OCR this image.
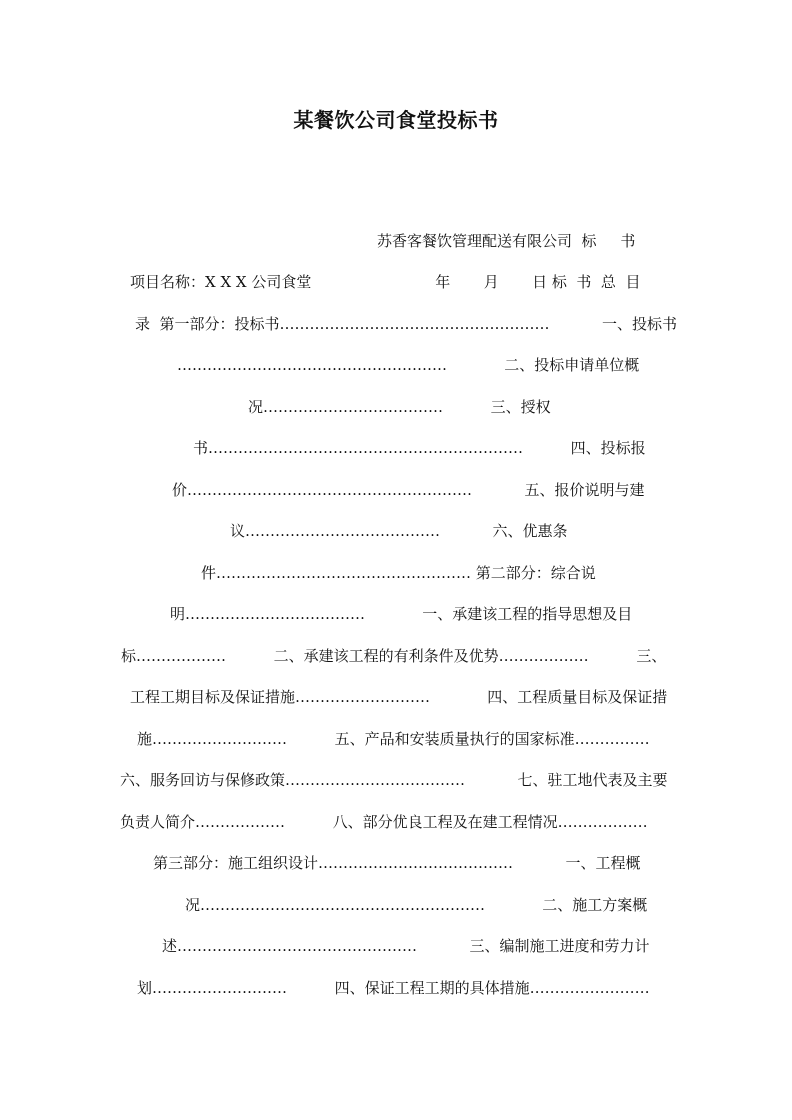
某餐饮公司食堂投标书
苏香客餐饮管理配送有限公司  标     书
项目名称：X X X 公司食堂                          年       月       日 标  书  总  目
录  第一部分：投标书………………………………………………           一、投标书
………………………………………………            二、投标申请单位概
况………………………………          三、授权
书………………………………………………………          四、投标报
价…………………………………………………           五、报价说明与建
议…………………………………           六、优惠条
件…………………………………………… 第二部分：综合说
明………………………………            一、承建该工程的指导思想及目
标………………          二、承建该工程的有利条件及优势………………          三、
工程工期目标及保证措施………………………            四、工程质量目标及保证措
施………………………          五、产品和安装质量执行的国家标准……………
六、服务回访与保修政策………………………………           七、驻工地代表及主要
负责人简介………………          八、部分优良工程及在建工程情况………………
第三部分：施工组织设计…………………………………           一、工程概
况…………………………………………………            二、施工方案概
述…………………………………………           三、编制施工进度和劳力计
划………………………          四、保证工程工期的具体措施……………………
